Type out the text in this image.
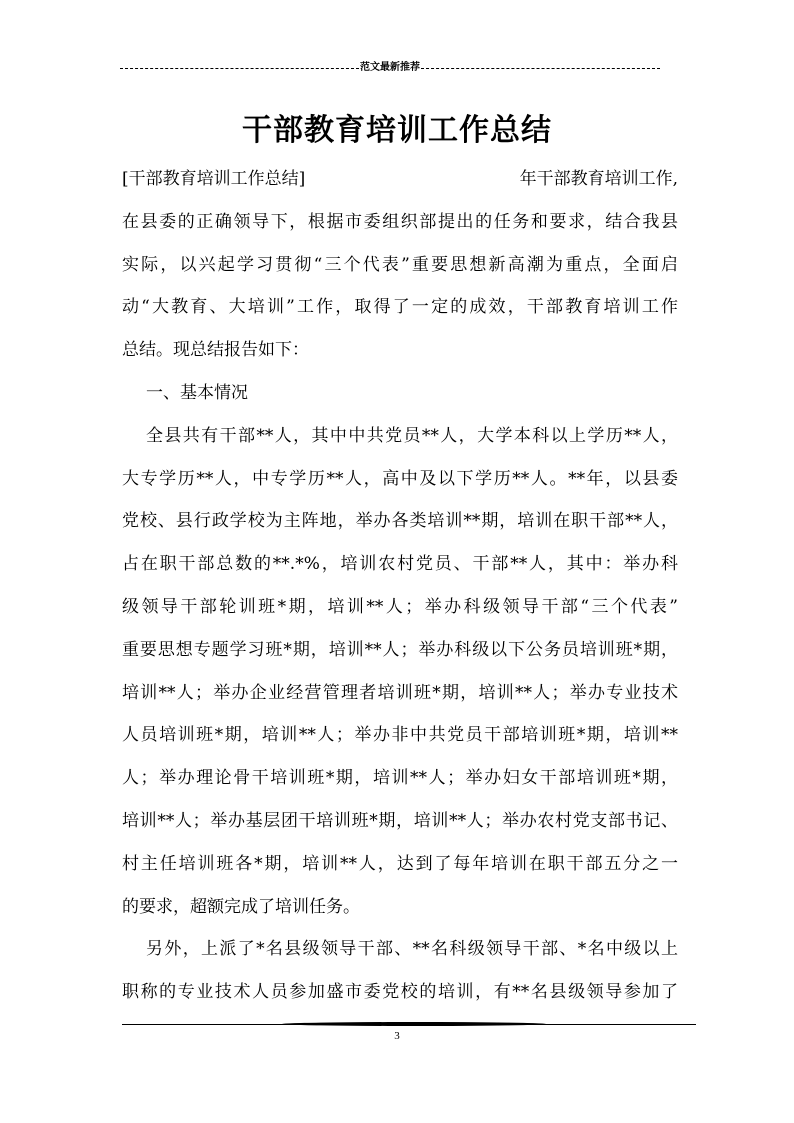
范文最新推荐
干部教育培训工作总结
[干部教育培训工作总结]	年干部教育培训工作,
在县委的正确领导下，根据市委组织部提出的任务和要求，结合我县
实际，以兴起学习贯彻“三个代表”重要思想新高潮为重点，全面启
动“大教育、大培训”工作，取得了一定的成效，干部教育培训工作
总结。现总结报告如下：
一、基本情况
全县共有干部**人，其中中共党员**人，大学本科以上学历**人，
大专学历**人，中专学历**人，高中及以下学历**人。**年，以县委
党校、县行政学校为主阵地，举办各类培训**期，培训在职干部**人，
占在职干部总数的**.*%，培训农村党员、干部**人，其中：举办科
级领导干部轮训班*期，培训**人；举办科级领导干部“三个代表”
重要思想专题学习班*期，培训**人；举办科级以下公务员培训班*期，
培训**人；举办企业经营管理者培训班*期，培训**人；举办专业技术
人员培训班*期，培训**人；举办非中共党员干部培训班*期，培训**
人；举办理论骨干培训班*期，培训**人；举办妇女干部培训班*期，
培训**人；举办基层团干培训班*期，培训**人；举办农村党支部书记、
村主任培训班各*期，培训**人，达到了每年培训在职干部五分之一
的要求，超额完成了培训任务。
另外，上派了*名县级领导干部、**名科级领导干部、*名中级以上
职称的专业技术人员参加盛市委党校的培训，有**名县级领导参加了
3
